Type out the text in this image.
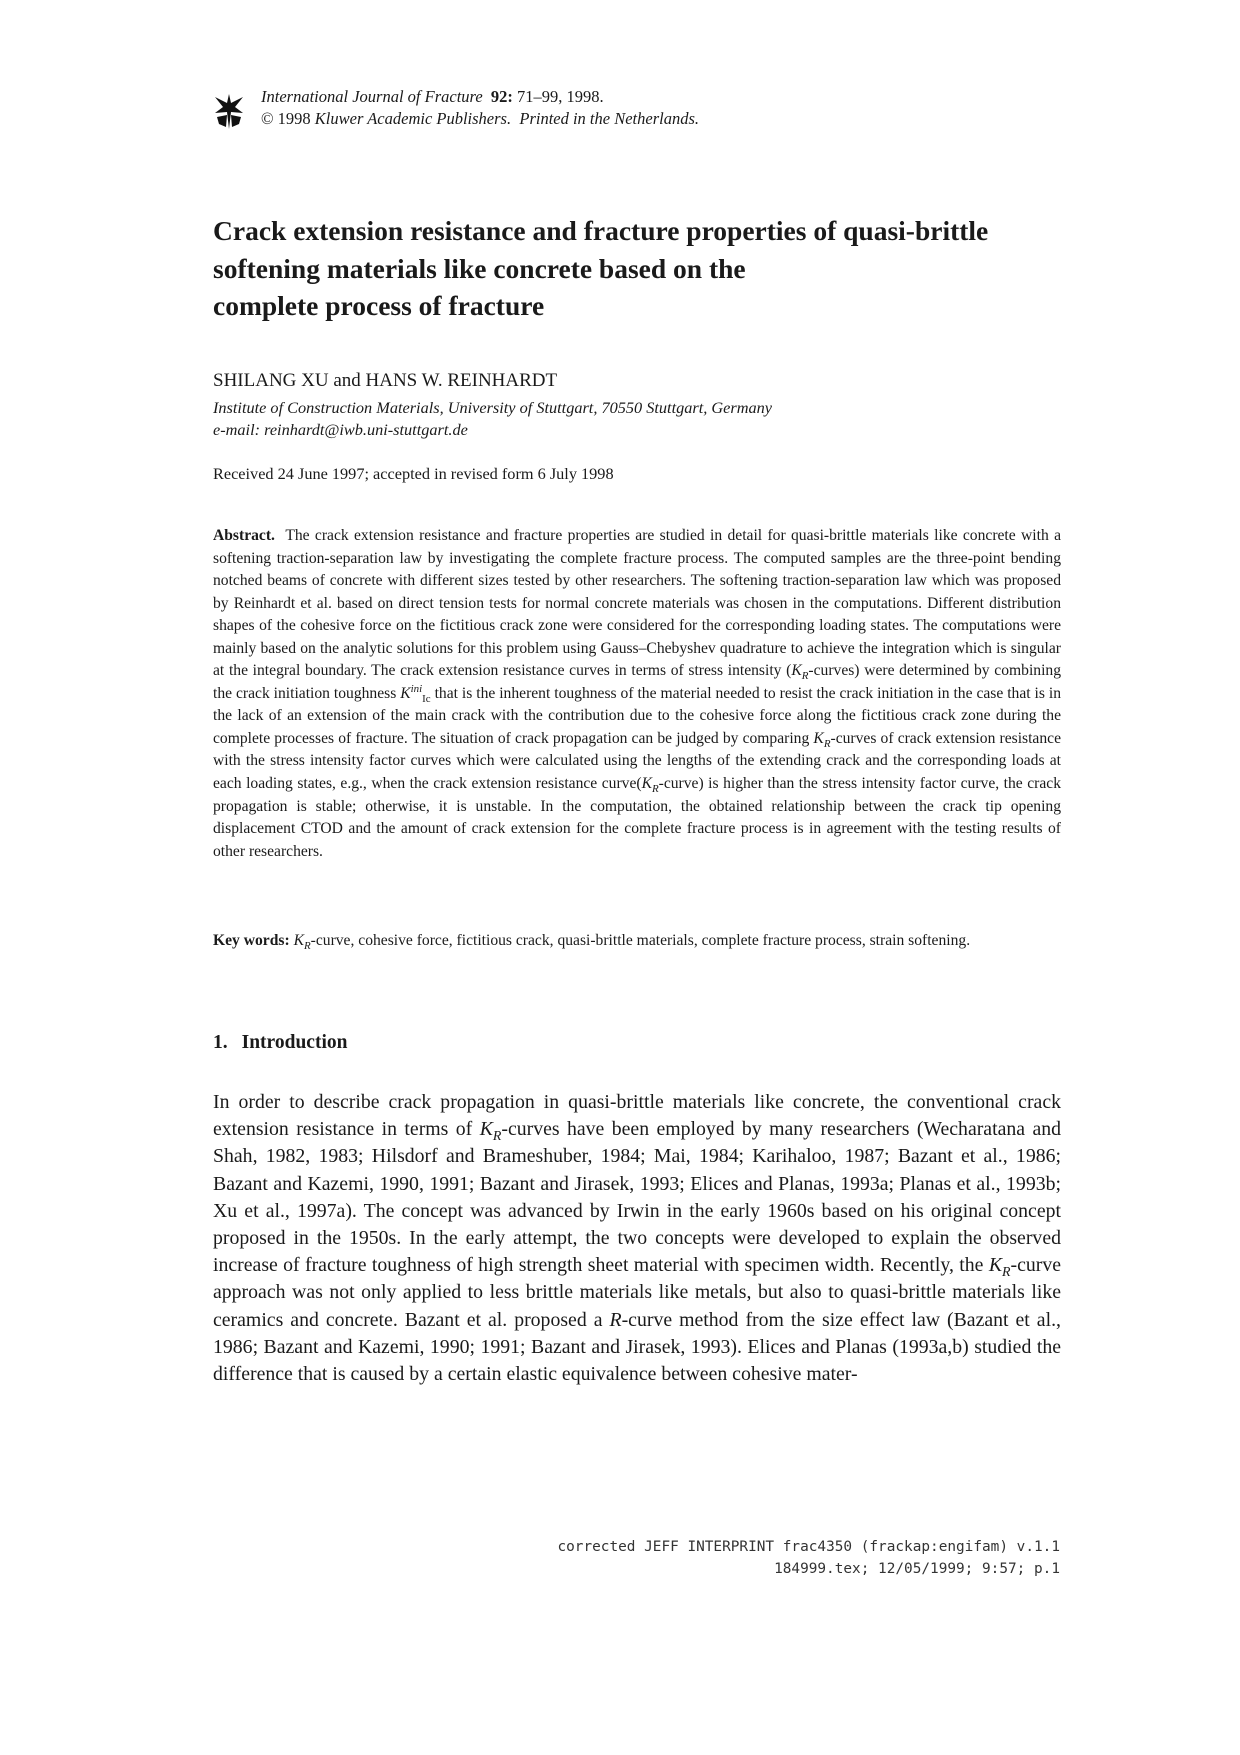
International Journal of Fracture 92: 71–99, 1998.
© 1998 Kluwer Academic Publishers. Printed in the Netherlands.
Crack extension resistance and fracture properties of quasi-brittle
softening materials like concrete based on the
complete process of fracture
SHILANG XU and HANS W. REINHARDT
Institute of Construction Materials, University of Stuttgart, 70550 Stuttgart, Germany
e-mail: reinhardt@iwb.uni-stuttgart.de
Received 24 June 1997; accepted in revised form 6 July 1998
Abstract. The crack extension resistance and fracture properties are studied in detail for quasi-brittle materials like concrete with a softening traction-separation law by investigating the complete fracture process. The computed samples are the three-point bending notched beams of concrete with different sizes tested by other researchers. The softening traction-separation law which was proposed by Reinhardt et al. based on direct tension tests for normal concrete materials was chosen in the computations. Different distribution shapes of the cohesive force on the fictitious crack zone were considered for the corresponding loading states. The computations were mainly based on the analytic solutions for this problem using Gauss–Chebyshev quadrature to achieve the integration which is singular at the integral boundary. The crack extension resistance curves in terms of stress intensity $(K_R-curves)$ were determined by combining the crack initiation toughness $K^{ini}_{Ic}$ that is the inherent toughness of the material needed to resist the crack initiation in the case that is in the lack of an extension of the main crack with the contribution due to the cohesive force along the fictitious crack zone during the complete processes of fracture. The situation of crack propagation can be judged by comparing $K_R$-curves of crack extension resistance with the stress intensity factor curves which were calculated using the lengths of the extending crack and the corresponding loads at each loading states, e.g., when the crack extension resistance $curve(K_R-curve)$ is higher than the stress intensity factor curve, the crack propagation is stable; otherwise, it is unstable. In the computation, the obtained relationship between the crack tip opening displacement CTOD and the amount of crack extension for the complete fracture process is in agreement with the testing results of other researchers.
Key words: $K_R$-curve, cohesive force, fictitious crack, quasi-brittle materials, complete fracture process, strain softening.
1. Introduction
In order to describe crack propagation in quasi-brittle materials like concrete, the conventional crack extension resistance in terms of $K_R$-curves have been employed by many researchers (Wecharatana and Shah, 1982, 1983; Hilsdorf and Brameshuber, 1984; Mai, 1984; Karihaloo, 1987; Bazant et al., 1986; Bazant and Kazemi, 1990, 1991; Bazant and Jirasek, 1993; Elices and Planas, 1993a; Planas et al., 1993b; Xu et al., 1997a). The concept was advanced by Irwin in the early 1960s based on his original concept proposed in the 1950s. In the early attempt, the two concepts were developed to explain the observed increase of fracture toughness of high strength sheet material with specimen width. Recently, the $K_R$-curve approach was not only applied to less brittle materials like metals, but also to quasi-brittle materials like ceramics and concrete. Bazant et al. proposed a R-curve method from the size effect law (Bazant et al., 1986; Bazant and Kazemi, 1990; 1991; Bazant and Jirasek, 1993). Elices and Planas (1993a,b) studied the difference that is caused by a certain elastic equivalence between cohesive mater-
corrected JEFF INTERPRINT frac4350 (frackap:engifam) v.1.1
184999.tex; 12/05/1999; 9:57; p.1
